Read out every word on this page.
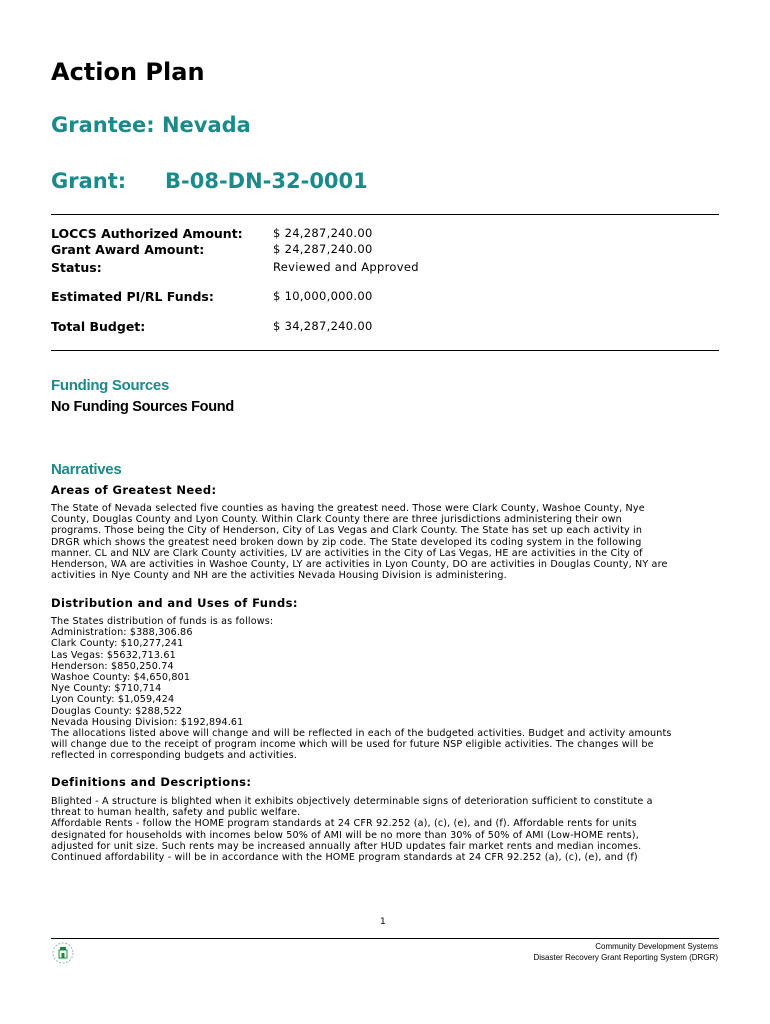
Action Plan
Grantee: Nevada
Grant: B-08-DN-32-0001
LOCCS Authorized Amount:	$ 24,287,240.00
Grant Award Amount:	$ 24,287,240.00
Status:	Reviewed and Approved
Estimated PI/RL Funds:	$ 10,000,000.00
Total Budget:	$ 34,287,240.00
Funding Sources
No Funding Sources Found
Narratives
Areas of Greatest Need:
The State of Nevada selected five counties as having the greatest need. Those were Clark County, Washoe County, Nye
County, Douglas County and Lyon County. Within Clark County there are three jurisdictions administering their own
programs. Those being the City of Henderson, City of Las Vegas and Clark County. The State has set up each activity in
DRGR which shows the greatest need broken down by zip code. The State developed its coding system in the following
manner. CL and NLV are Clark County activities, LV are activities in the City of Las Vegas, HE are activities in the City of
Henderson, WA are activities in Washoe County, LY are activities in Lyon County, DO are activities in Douglas County, NY are
activities in Nye County and NH are the activities Nevada Housing Division is administering.
Distribution and and Uses of Funds:
The States distribution of funds is as follows:
Administration: $388,306.86
Clark County: $10,277,241
Las Vegas: $5632,713.61
Henderson: $850,250.74
Washoe County: $4,650,801
Nye County: $710,714
Lyon County: $1,059,424
Douglas County: $288,522
Nevada Housing Division: $192,894.61
The allocations listed above will change and will be reflected in each of the budgeted activities. Budget and activity amounts
will change due to the receipt of program income which will be used for future NSP eligible activities. The changes will be
reflected in corresponding budgets and activities.
Definitions and Descriptions:
Blighted - A structure is blighted when it exhibits objectively determinable signs of deterioration sufficient to constitute a
threat to human health, safety and public welfare.
Affordable Rents - follow the HOME program standards at 24 CFR 92.252 (a), (c), (e), and (f). Affordable rents for units
designated for households with incomes below 50% of AMI will be no more than 30% of 50% of AMI (Low-HOME rents),
adjusted for unit size. Such rents may be increased annually after HUD updates fair market rents and median incomes.
Continued affordability - will be in accordance with the HOME program standards at 24 CFR 92.252 (a), (c), (e), and (f)
1
Community Development Systems
Disaster Recovery Grant Reporting System (DRGR)
